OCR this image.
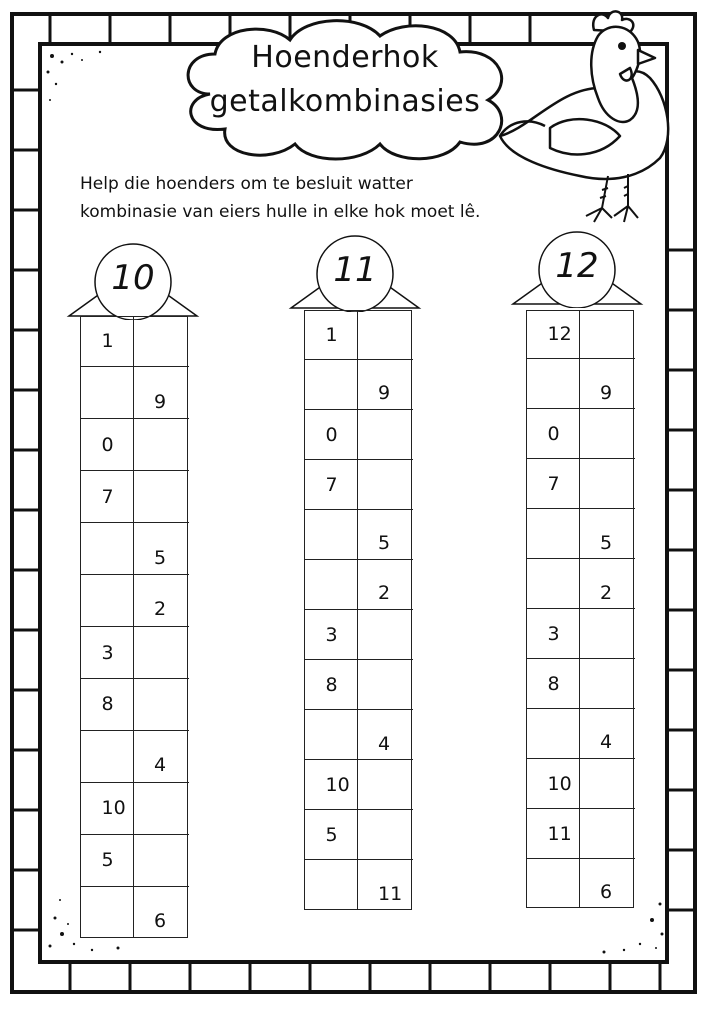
Hoenderhok
getalkombinasies
Help die hoenders om te besluit watter
kombinasie van eiers hulle in elke hok moet lê.
10
1
9
0
7
5
2
3
8
4
10
5
6
11
1
9
0
7
5
2
3
8
4
10
5
11
12
12
9
0
7
5
2
3
8
4
10
11
6
